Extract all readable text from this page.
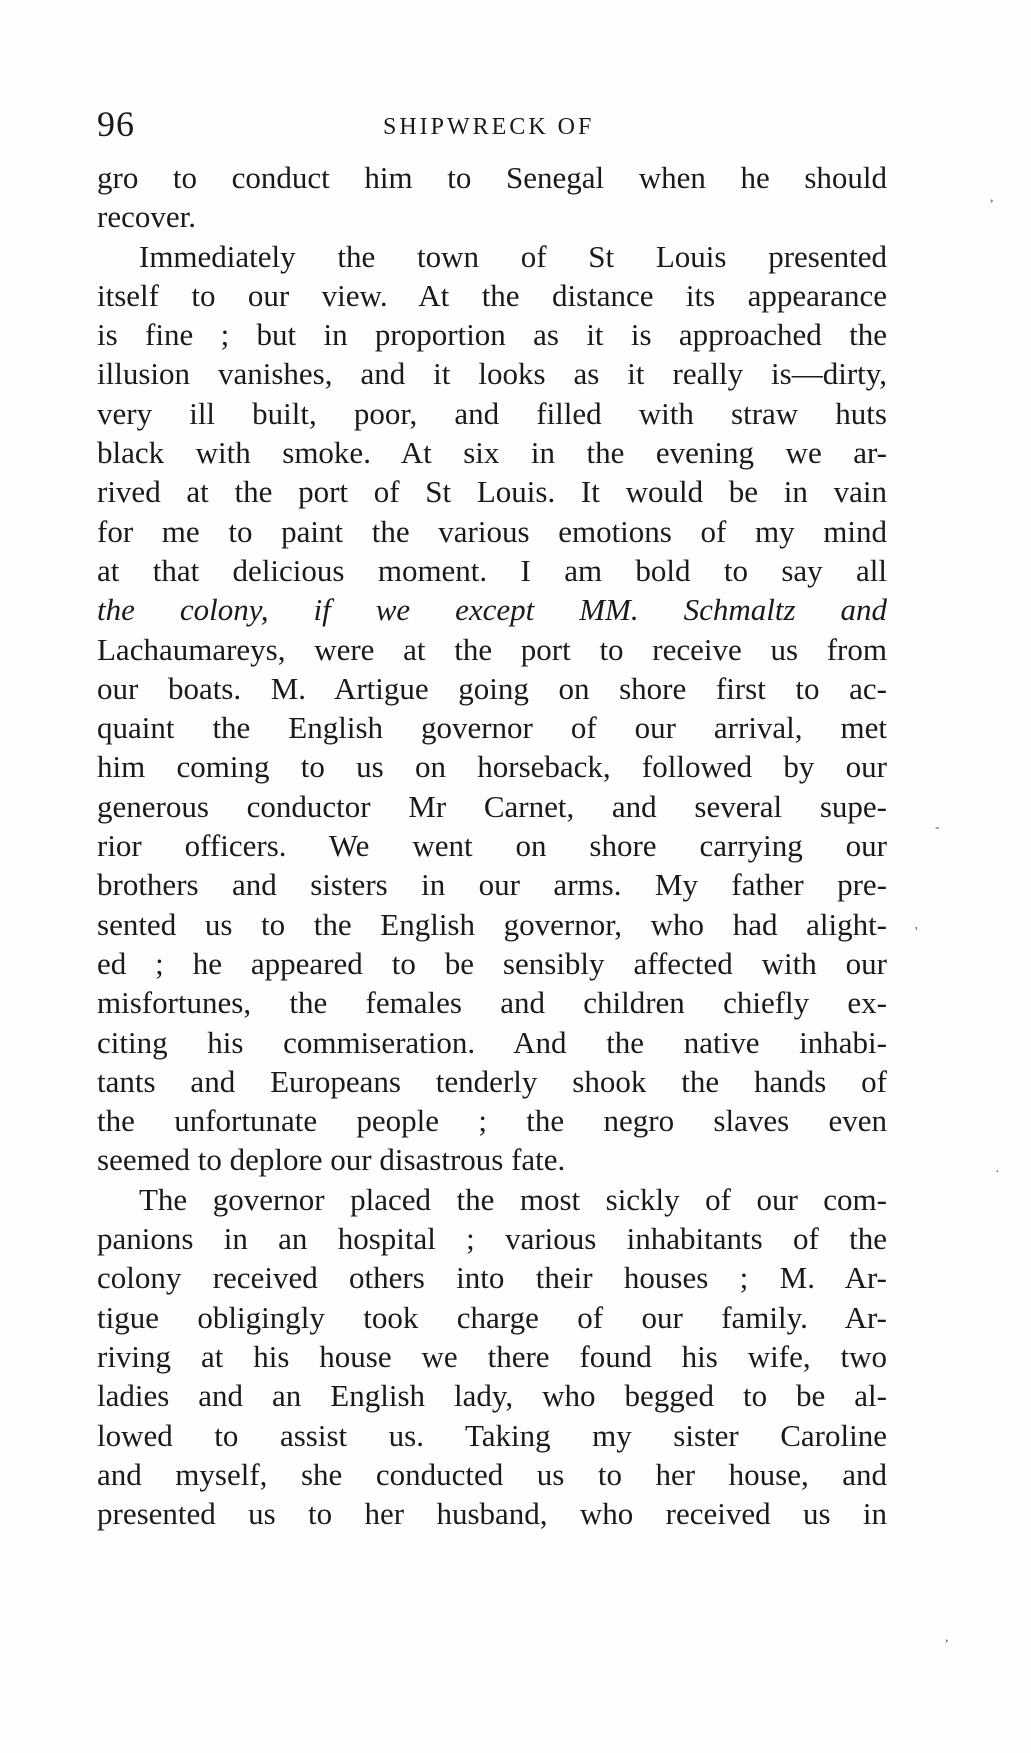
96	SHIPWRECK OF
gro to conduct him to Senegal when he should
recover.
Immediately the town of St Louis presented
itself to our view. At the distance its appearance
is fine ; but in proportion as it is approached the
illusion vanishes, and it looks as it really is—dirty,
very ill built, poor, and filled with straw huts
black with smoke. At six in the evening we ar-
rived at the port of St Louis. It would be in vain
for me to paint the various emotions of my mind
at that delicious moment. I am bold to say all
the colony, if we except MM. Schmaltz and
Lachaumareys, were at the port to receive us from
our boats. M. Artigue going on shore first to ac-
quaint the English governor of our arrival, met
him coming to us on horseback, followed by our
generous conductor Mr Carnet, and several supe-
rior officers. We went on shore carrying our
brothers and sisters in our arms. My father pre-
sented us to the English governor, who had alight-
ed ; he appeared to be sensibly affected with our
misfortunes, the females and children chiefly ex-
citing his commiseration. And the native inhabi-
tants and Europeans tenderly shook the hands of
the unfortunate people ; the negro slaves even
seemed to deplore our disastrous fate.
The governor placed the most sickly of our com-
panions in an hospital ; various inhabitants of the
colony received others into their houses ; M. Ar-
tigue obligingly took charge of our family. Ar-
riving at his house we there found his wife, two
ladies and an English lady, who begged to be al-
lowed to assist us. Taking my sister Caroline
and myself, she conducted us to her house, and
presented us to her husband, who received us in
,
-
'
·
,
